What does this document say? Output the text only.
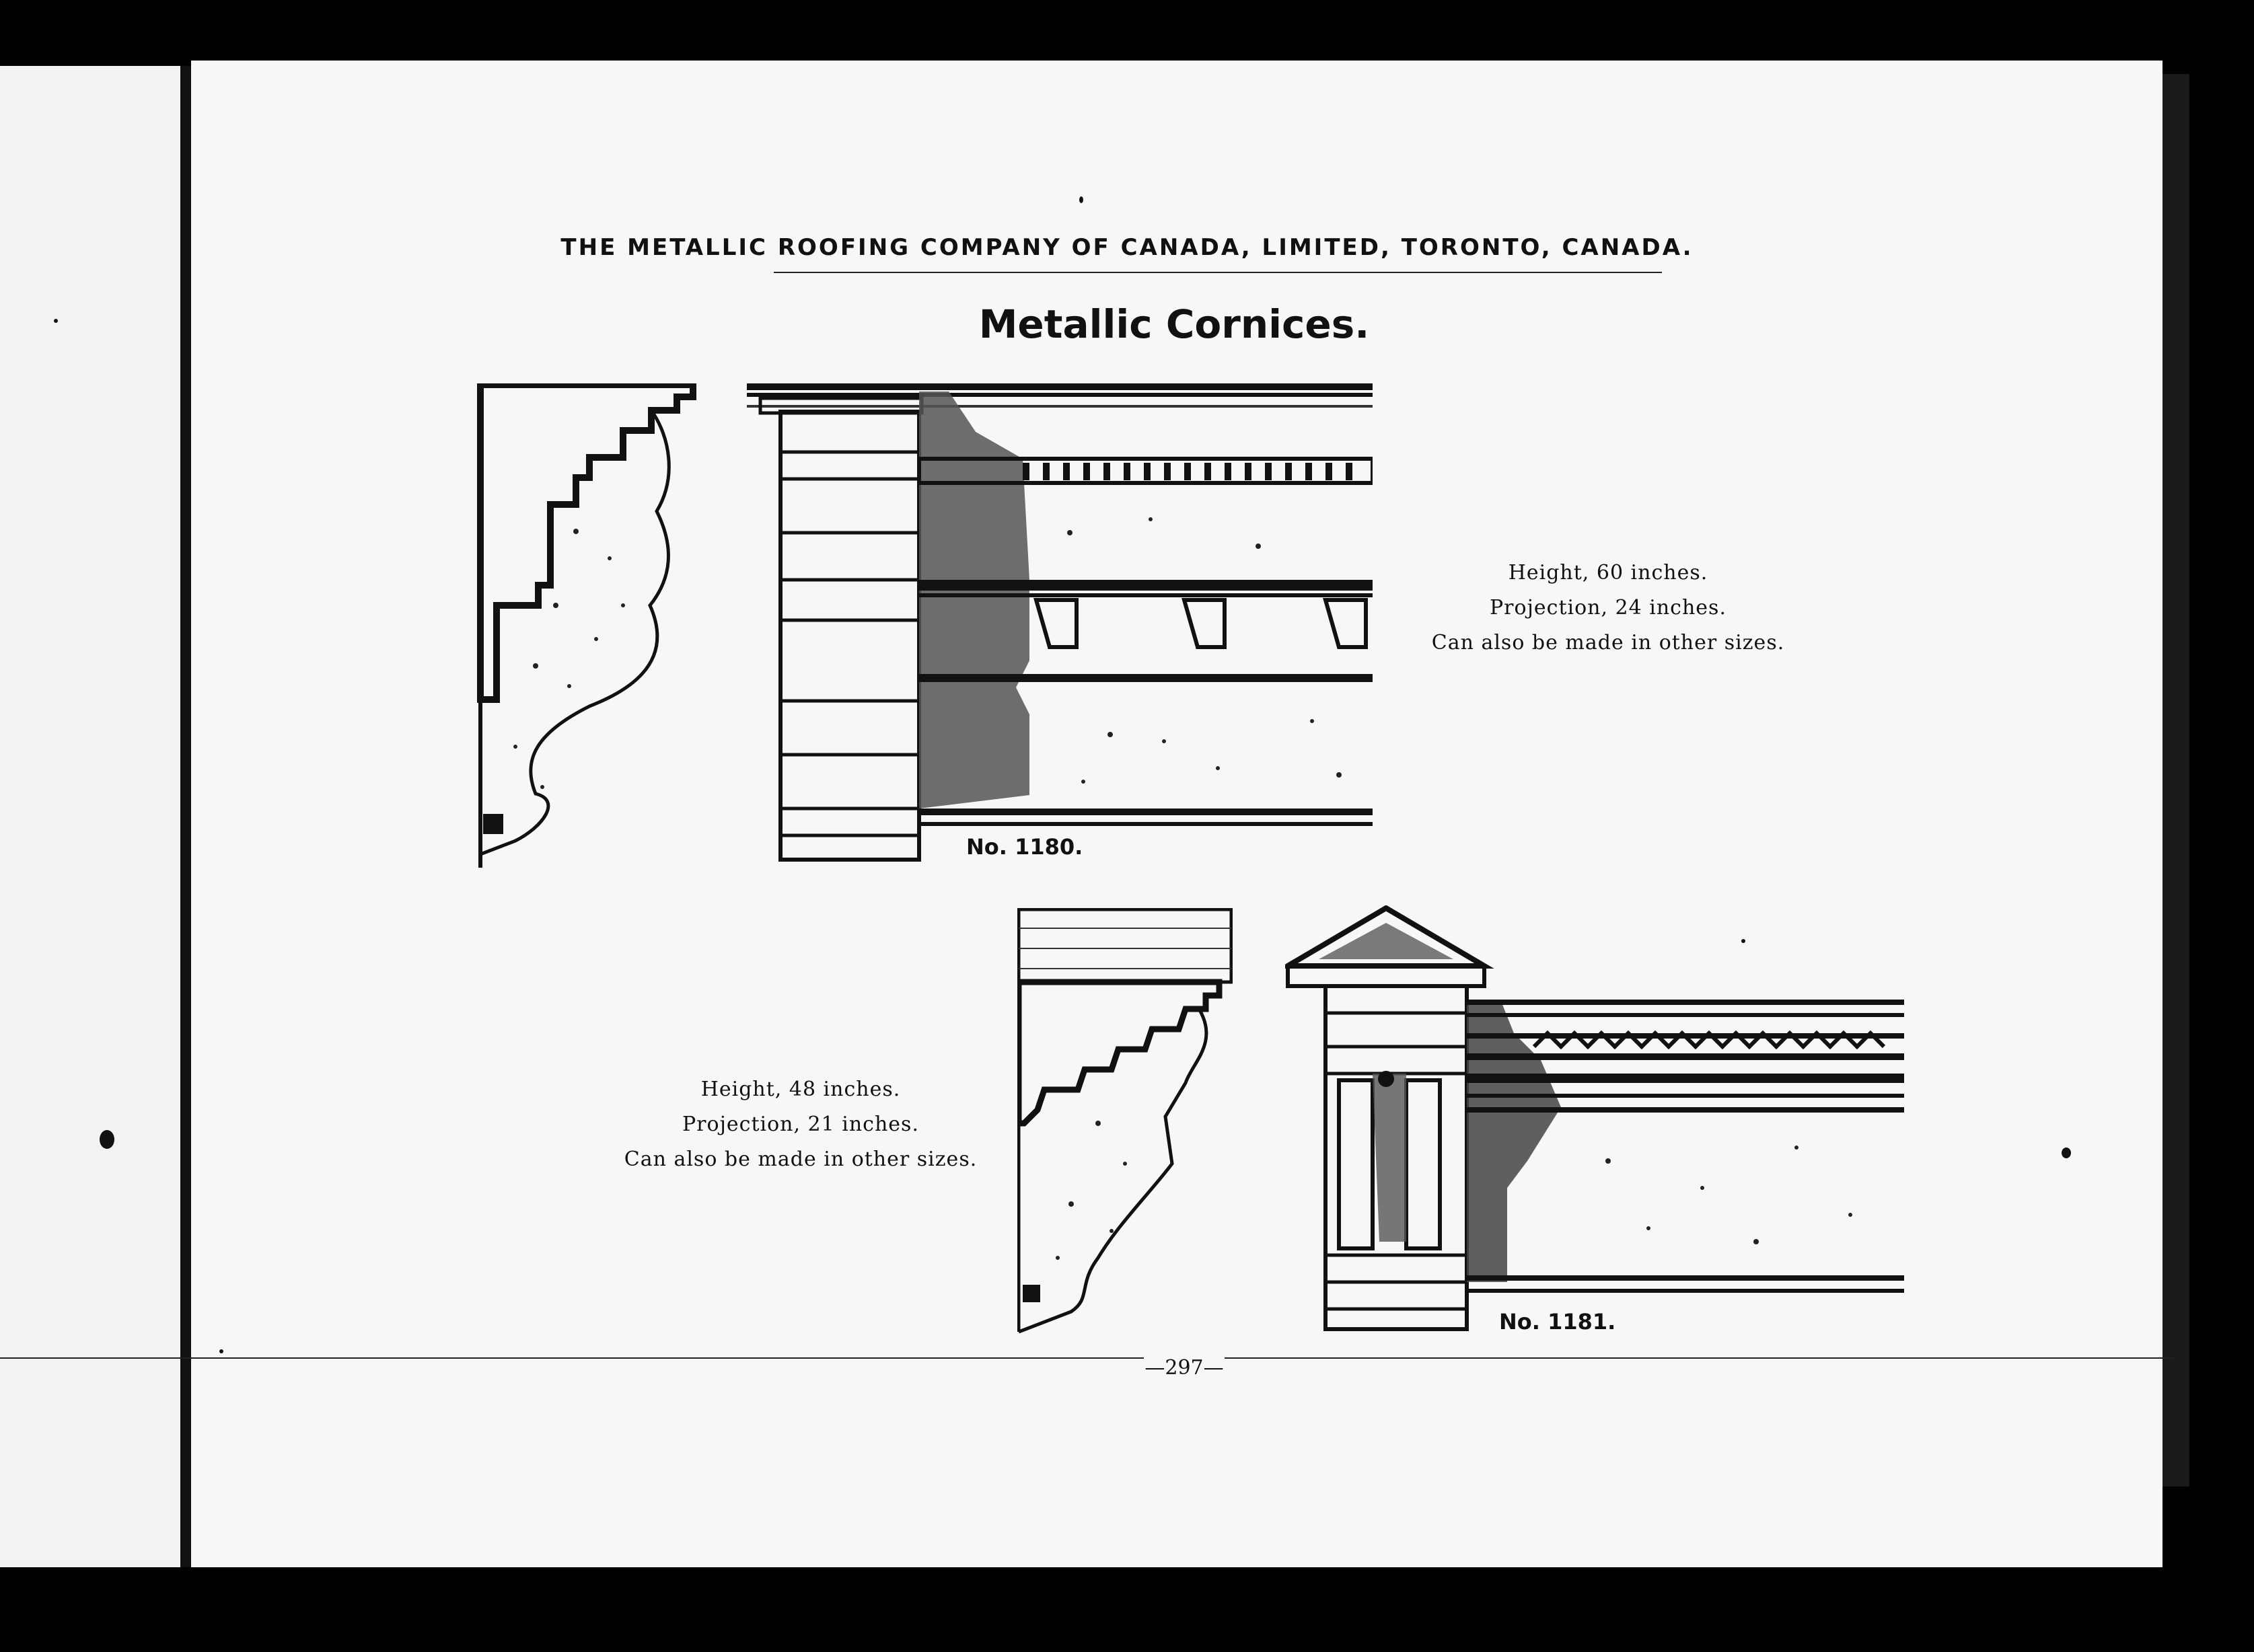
THE METALLIC ROOFING COMPANY OF CANADA, LIMITED, TORONTO, CANADA.
Metallic Cornices.
No. 1180.
Height, 60 inches.
Projection, 24 inches.
Can also be made in other sizes.
Height, 48 inches.
Projection, 21 inches.
Can also be made in other sizes.
No. 1181.
—297—
